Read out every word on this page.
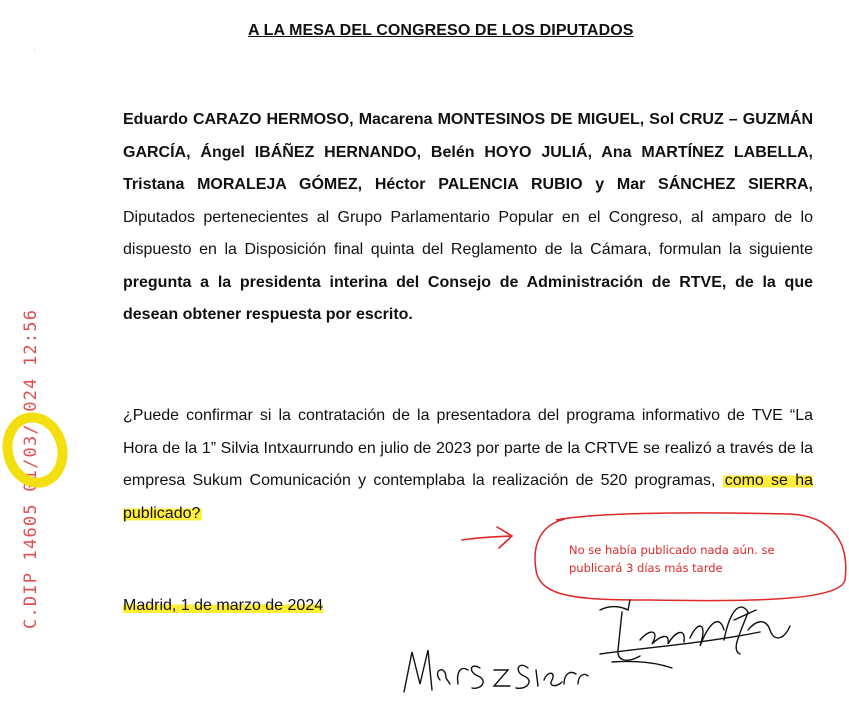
·
A LA MESA DEL CONGRESO DE LOS DIPUTADOS
Eduardo CARAZO HERMOSO, Macarena MONTESINOS DE MIGUEL, Sol CRUZ – GUZMÁN GARCÍA, Ángel IBÁÑEZ HERNANDO, Belén HOYO JULIÁ, Ana MARTÍNEZ LABELLA, Tristana MORALEJA GÓMEZ, Héctor PALENCIA RUBIO y Mar SÁNCHEZ SIERRA, Diputados pertenecientes al Grupo Parlamentario Popular en el Congreso, al amparo de lo dispuesto en la Disposición final quinta del Reglamento de la Cámara, formulan la siguiente pregunta a la presidenta interina del Consejo de Administración de RTVE, de la que desean obtener respuesta por escrito.
¿Puede confirmar si la contratación de la presentadora del programa informativo de TVE “La Hora de la 1” Silvia Intxaurrundo en julio de 2023 por parte de la CRTVE se realizó a través de la empresa Sukum Comunicación y contemplaba la realización de 520 programas, como se ha publicado?
Madrid, 1 de marzo de 2024
C.DIP 14605 01/03/2024 12:56	No se había publicado nada aún. se publicará 3 días más tarde
